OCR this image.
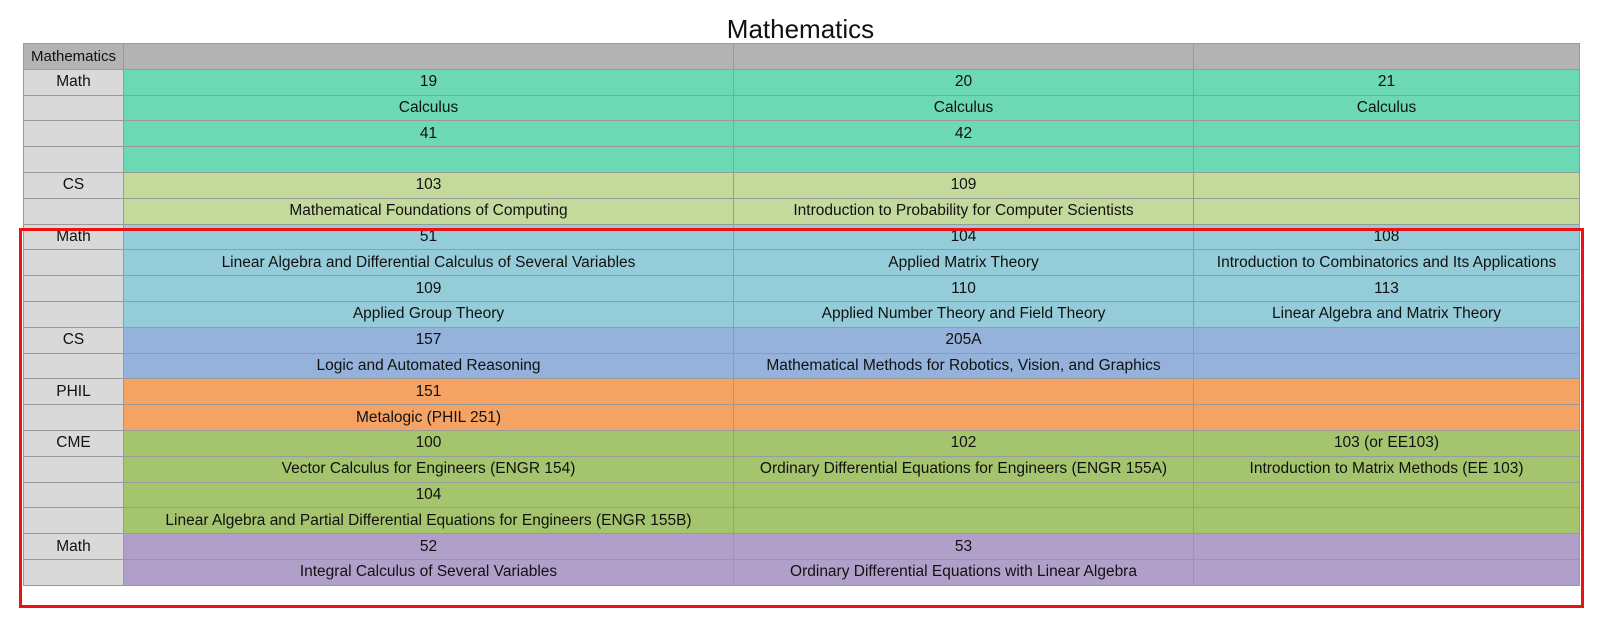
Mathematics
Mathematics			
Math	19	20	21
	Calculus	Calculus	Calculus
	41	42	

CS	103	109	
	Mathematical Foundations of Computing	Introduction to Probability for Computer Scientists	
Math	51	104	108
	Linear Algebra and Differential Calculus of Several Variables	Applied Matrix Theory	Introduction to Combinatorics and Its Applications
	109	110	113
	Applied Group Theory	Applied Number Theory and Field Theory	Linear Algebra and Matrix Theory
CS	157	205A	
	Logic and Automated Reasoning	Mathematical Methods for Robotics, Vision, and Graphics	
PHIL	151		
	Metalogic (PHIL 251)		
CME	100	102	103 (or EE103)
	Vector Calculus for Engineers (ENGR 154)	Ordinary Differential Equations for Engineers (ENGR 155A)	Introduction to Matrix Methods (EE 103)
	104		
	Linear Algebra and Partial Differential Equations for Engineers (ENGR 155B)		
Math	52	53	
	Integral Calculus of Several Variables	Ordinary Differential Equations with Linear Algebra	
